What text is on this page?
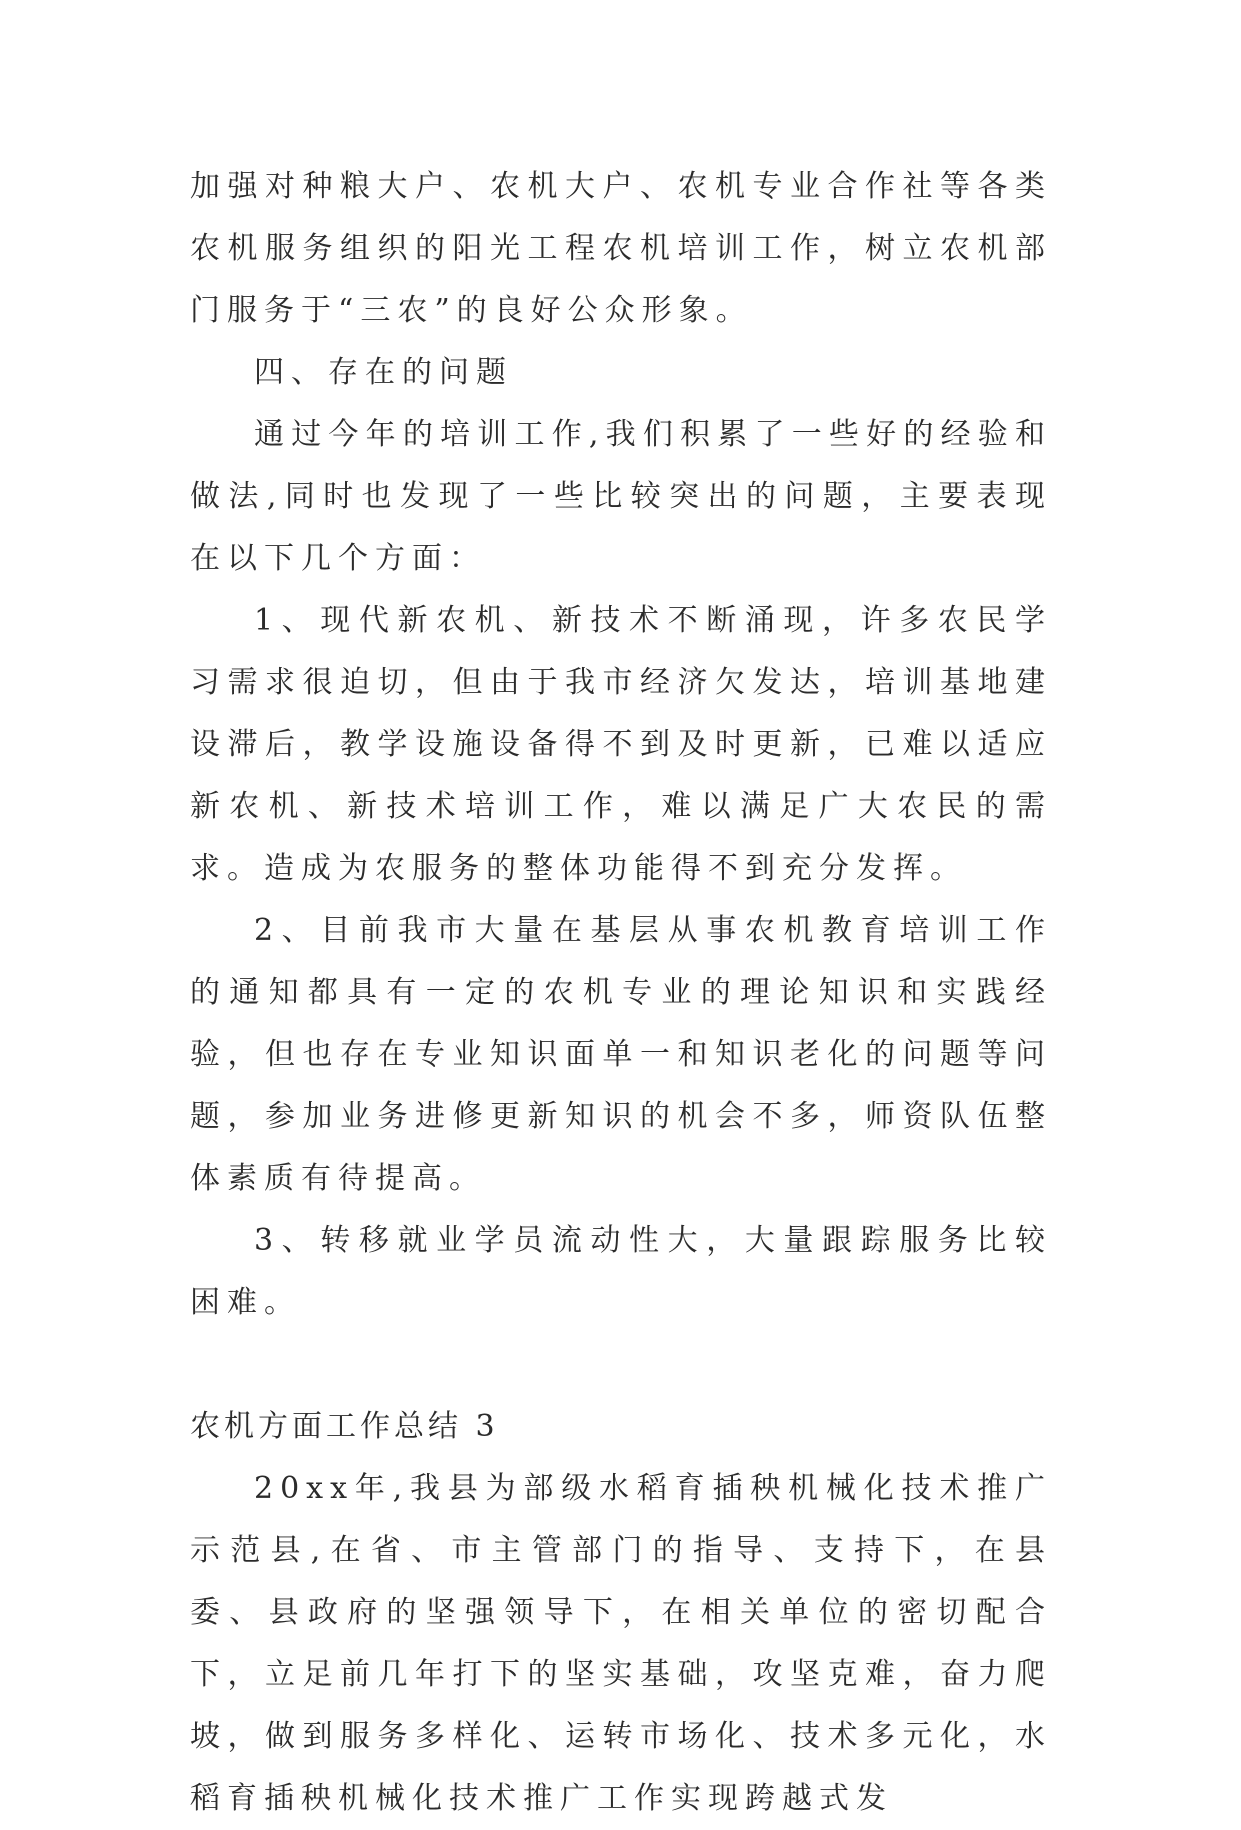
加强对种粮大户、农机大户、农机专业合作社等各类农机服务组织的阳光工程农机培训工作，树立农机部门服务于“三农”的良好公众形象。

四、存在的问题

通过今年的培训工作,我们积累了一些好的经验和做法,同时也发现了一些比较突出的问题，主要表现在以下几个方面：

1、现代新农机、新技术不断涌现，许多农民学习需求很迫切，但由于我市经济欠发达，培训基地建设滞后，教学设施设备得不到及时更新，已难以适应新农机、新技术培训工作，难以满足广大农民的需求。造成为农服务的整体功能得不到充分发挥。

2、目前我市大量在基层从事农机教育培训工作的通知都具有一定的农机专业的理论知识和实践经验，但也存在专业知识面单一和知识老化的问题等问题，参加业务进修更新知识的机会不多，师资队伍整体素质有待提高。

3、转移就业学员流动性大，大量跟踪服务比较困难。

农机方面工作总结 3

20xx年,我县为部级水稻育插秧机械化技术推广示范县,在省、市主管部门的指导、支持下，在县委、县政府的坚强领导下，在相关单位的密切配合下，立足前几年打下的坚实基础，攻坚克难，奋力爬坡，做到服务多样化、运转市场化、技术多元化，水稻育插秧机械化技术推广工作实现跨越式发
